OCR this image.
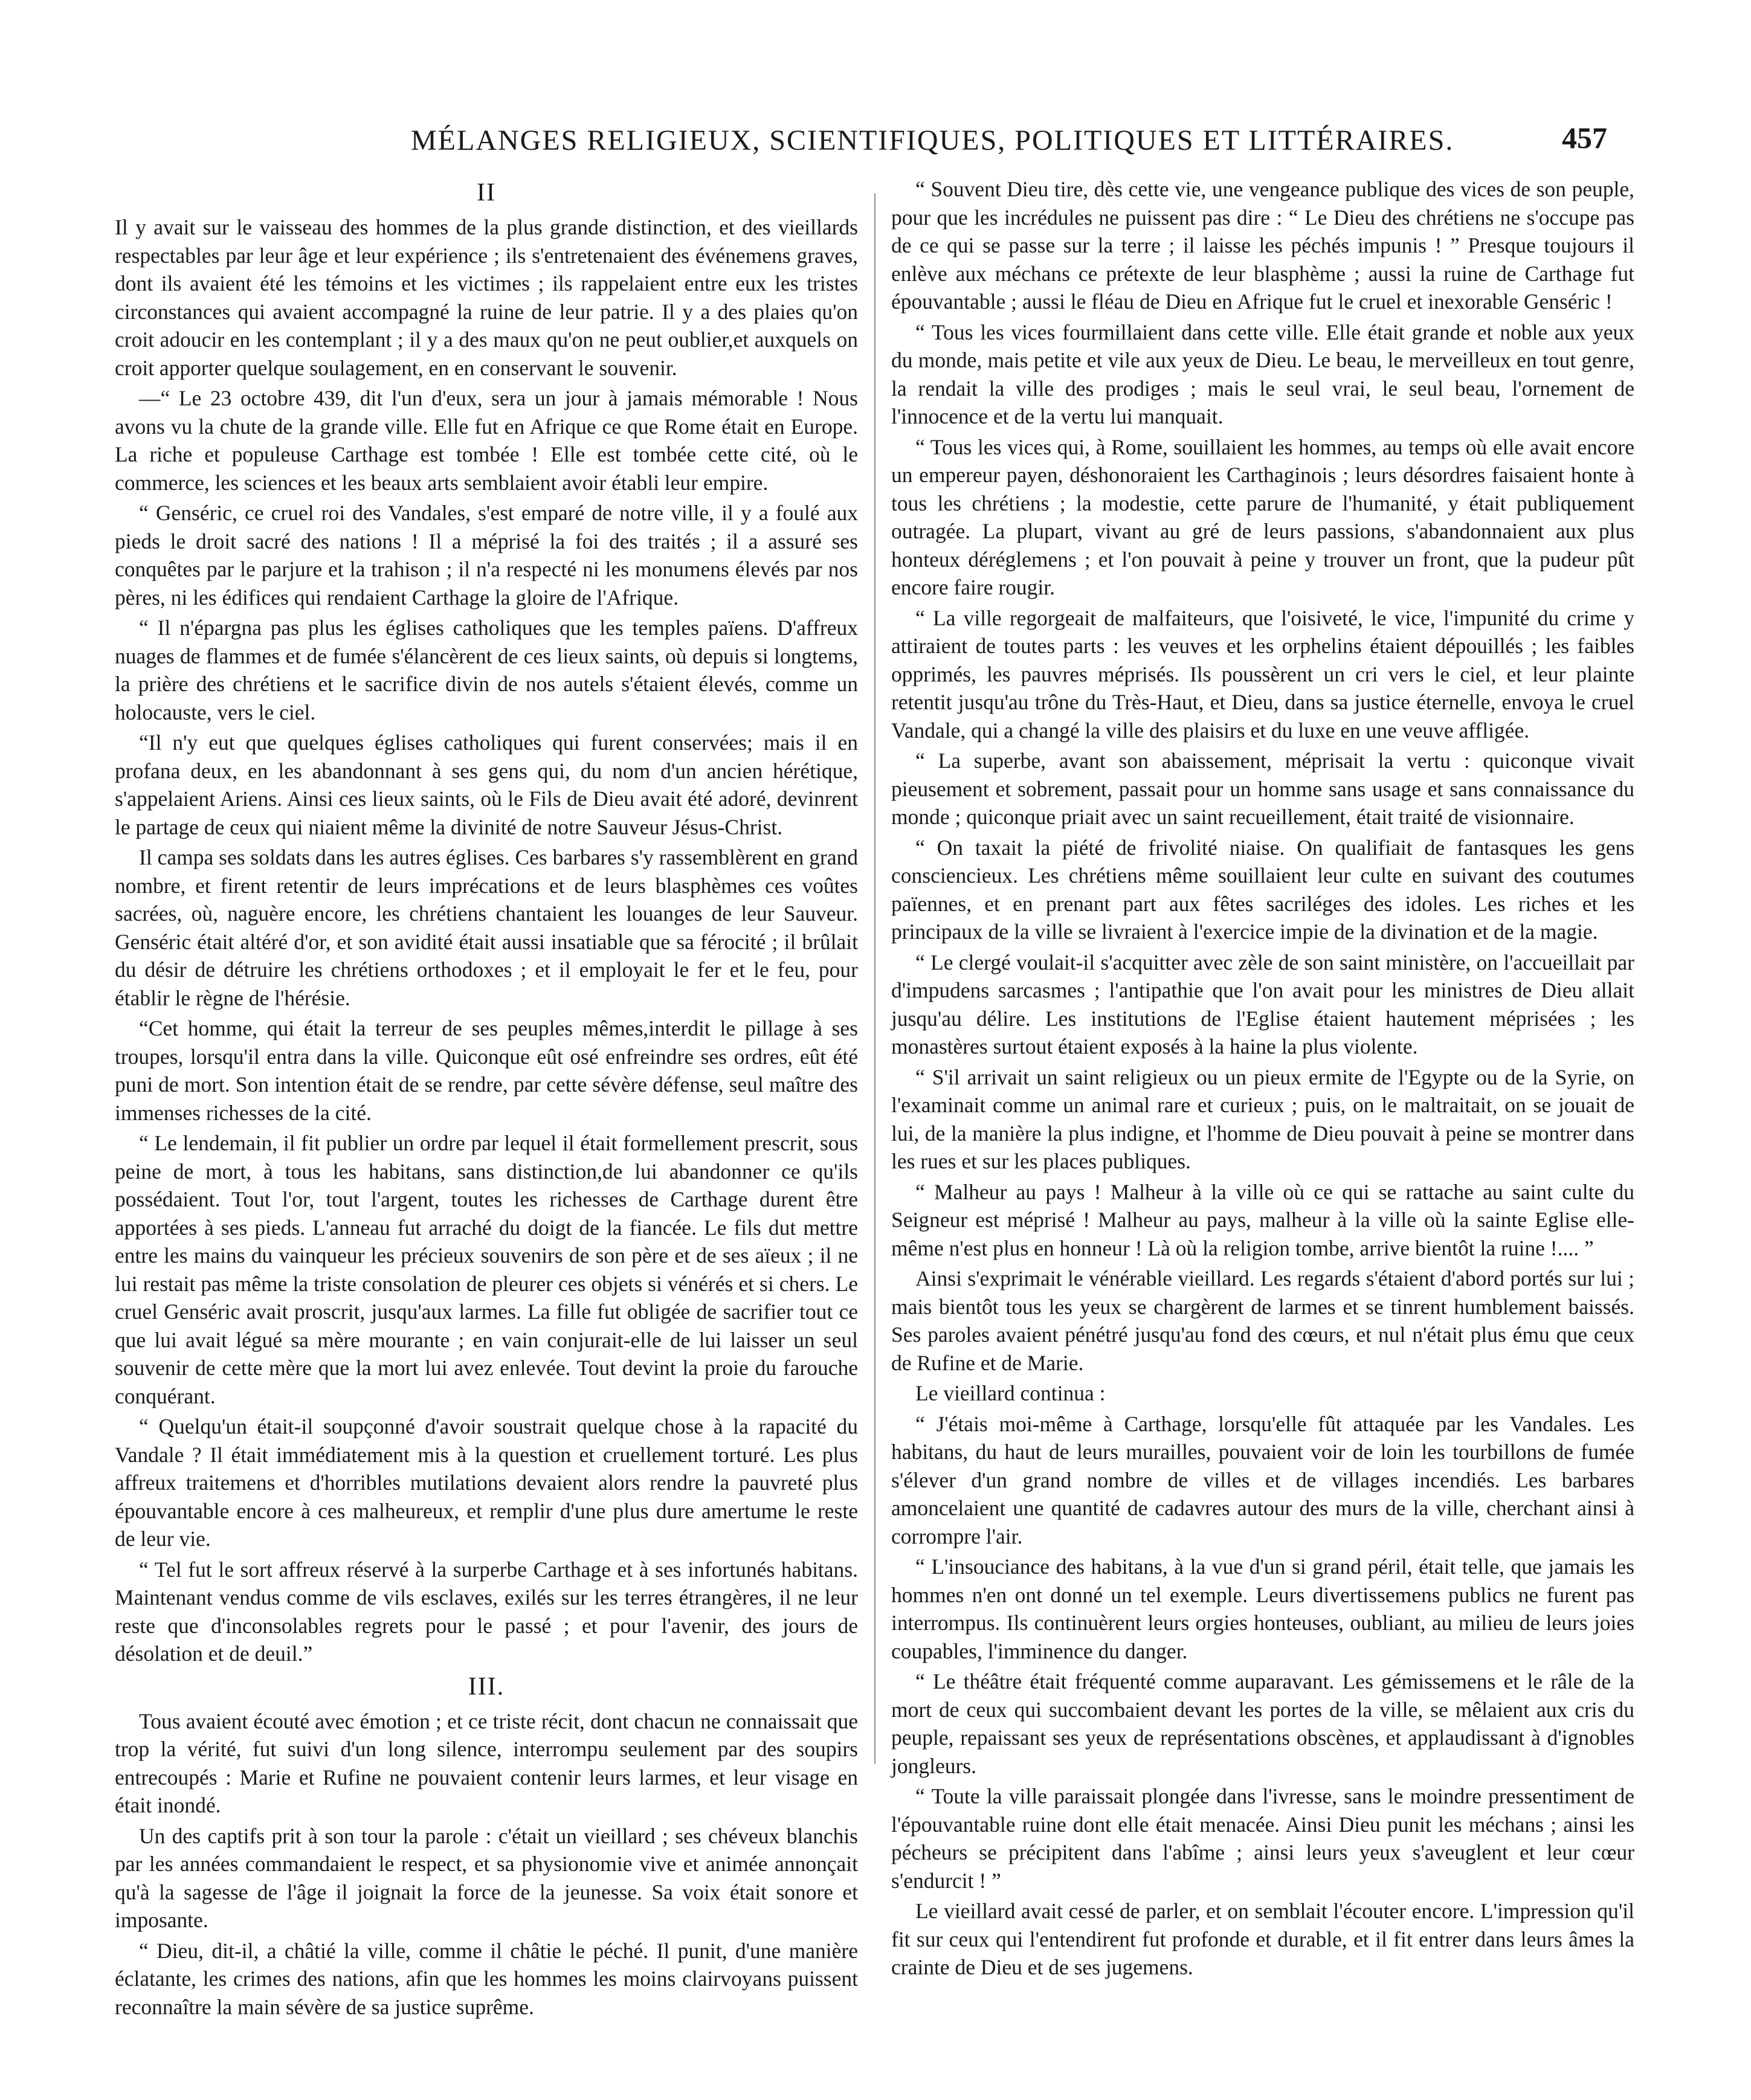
MÉLANGES RELIGIEUX, SCIENTIFIQUES, POLITIQUES ET LITTÉRAIRES.	457
II

Il y avait sur le vaisseau des hommes de la plus grande distinction, et des vieillards respectables par leur âge et leur expérience ; ils s'entretenaient des événemens graves, dont ils avaient été les témoins et les victimes ; ils rappelaient entre eux les tristes circonstances qui avaient accompagné la ruine de leur patrie. Il y a des plaies qu'on croit adoucir en les contemplant ; il y a des maux qu'on ne peut oublier,et auxquels on croit apporter quelque soulagement, en en conservant le souvenir.

—“ Le 23 octobre 439, dit l'un d'eux, sera un jour à jamais mémorable ! Nous avons vu la chute de la grande ville. Elle fut en Afrique ce que Rome était en Europe. La riche et populeuse Carthage est tombée ! Elle est tombée cette cité, où le commerce, les sciences et les beaux arts semblaient avoir établi leur empire.

“ Genséric, ce cruel roi des Vandales, s'est emparé de notre ville, il y a foulé aux pieds le droit sacré des nations ! Il a méprisé la foi des traités ; il a assuré ses conquêtes par le parjure et la trahison ; il n'a respecté ni les monumens élevés par nos pères, ni les édifices qui rendaient Carthage la gloire de l'Afrique.

“ Il n'épargna pas plus les églises catholiques que les temples païens. D'affreux nuages de flammes et de fumée s'élancèrent de ces lieux saints, où depuis si longtems, la prière des chrétiens et le sacrifice divin de nos autels s'étaient élevés, comme un holocauste, vers le ciel.

“Il n'y eut que quelques églises catholiques qui furent conservées; mais il en profana deux, en les abandonnant à ses gens qui, du nom d'un ancien hérétique, s'appelaient Ariens. Ainsi ces lieux saints, où le Fils de Dieu avait été adoré, devinrent le partage de ceux qui niaient même la divinité de notre Sauveur Jésus-Christ.

Il campa ses soldats dans les autres églises. Ces barbares s'y rassemblèrent en grand nombre, et firent retentir de leurs imprécations et de leurs blasphèmes ces voûtes sacrées, où, naguère encore, les chrétiens chantaient les louanges de leur Sauveur. Genséric était altéré d'or, et son avidité était aussi insatiable que sa férocité ; il brûlait du désir de détruire les chrétiens orthodoxes ; et il employait le fer et le feu, pour établir le règne de l'hérésie.

“Cet homme, qui était la terreur de ses peuples mêmes,interdit le pillage à ses troupes, lorsqu'il entra dans la ville. Quiconque eût osé enfreindre ses ordres, eût été puni de mort. Son intention était de se rendre, par cette sévère défense, seul maître des immenses richesses de la cité.

“ Le lendemain, il fit publier un ordre par lequel il était formellement prescrit, sous peine de mort, à tous les habitans, sans distinction,de lui abandonner ce qu'ils possédaient. Tout l'or, tout l'argent, toutes les richesses de Carthage durent être apportées à ses pieds. L'anneau fut arraché du doigt de la fiancée. Le fils dut mettre entre les mains du vainqueur les précieux souvenirs de son père et de ses aïeux ; il ne lui restait pas même la triste consolation de pleurer ces objets si vénérés et si chers. Le cruel Genséric avait proscrit, jusqu'aux larmes. La fille fut obligée de sacrifier tout ce que lui avait légué sa mère mourante ; en vain conjurait-elle de lui laisser un seul souvenir de cette mère que la mort lui avez enlevée. Tout devint la proie du farouche conquérant.

“ Quelqu'un était-il soupçonné d'avoir soustrait quelque chose à la rapacité du Vandale ? Il était immédiatement mis à la question et cruellement torturé. Les plus affreux traitemens et d'horribles mutilations devaient alors rendre la pauvreté plus épouvantable encore à ces malheureux, et remplir d'une plus dure amertume le reste de leur vie.

“ Tel fut le sort affreux réservé à la surperbe Carthage et à ses infortunés habitans. Maintenant vendus comme de vils esclaves, exilés sur les terres étrangères, il ne leur reste que d'inconsolables regrets pour le passé ; et pour l'avenir, des jours de désolation et de deuil.”

III.

Tous avaient écouté avec émotion ; et ce triste récit, dont chacun ne connaissait que trop la vérité, fut suivi d'un long silence, interrompu seulement par des soupirs entrecoupés : Marie et Rufine ne pouvaient contenir leurs larmes, et leur visage en était inondé.

Un des captifs prit à son tour la parole : c'était un vieillard ; ses chéveux blanchis par les années commandaient le respect, et sa physionomie vive et animée annonçait qu'à la sagesse de l'âge il joignait la force de la jeunesse. Sa voix était sonore et imposante.

“ Dieu, dit-il, a châtié la ville, comme il châtie le péché. Il punit, d'une manière éclatante, les crimes des nations, afin que les hommes les moins clairvoyans puissent reconnaître la main sévère de sa justice suprême.

“ Souvent Dieu tire, dès cette vie, une vengeance publique des vices de son peuple, pour que les incrédules ne puissent pas dire : “ Le Dieu des chrétiens ne s'occupe pas de ce qui se passe sur la terre ; il laisse les péchés impunis ! ” Presque toujours il enlève aux méchans ce prétexte de leur blasphème ; aussi la ruine de Carthage fut épouvantable ; aussi le fléau de Dieu en Afrique fut le cruel et inexorable Genséric !

“ Tous les vices fourmillaient dans cette ville. Elle était grande et noble aux yeux du monde, mais petite et vile aux yeux de Dieu. Le beau, le merveilleux en tout genre, la rendait la ville des prodiges ; mais le seul vrai, le seul beau, l'ornement de l'innocence et de la vertu lui manquait.

“ Tous les vices qui, à Rome, souillaient les hommes, au temps où elle avait encore un empereur payen, déshonoraient les Carthaginois ; leurs désordres faisaient honte à tous les chrétiens ; la modestie, cette parure de l'humanité, y était publiquement outragée. La plupart, vivant au gré de leurs passions, s'abandonnaient aux plus honteux déréglemens ; et l'on pouvait à peine y trouver un front, que la pudeur pût encore faire rougir.

“ La ville regorgeait de malfaiteurs, que l'oisiveté, le vice, l'impunité du crime y attiraient de toutes parts : les veuves et les orphelins étaient dépouillés ; les faibles opprimés, les pauvres méprisés. Ils poussèrent un cri vers le ciel, et leur plainte retentit jusqu'au trône du Très-Haut, et Dieu, dans sa justice éternelle, envoya le cruel Vandale, qui a changé la ville des plaisirs et du luxe en une veuve affligée.

“ La superbe, avant son abaissement, méprisait la vertu : quiconque vivait pieusement et sobrement, passait pour un homme sans usage et sans connaissance du monde ; quiconque priait avec un saint recueillement, était traité de visionnaire.

“ On taxait la piété de frivolité niaise. On qualifiait de fantasques les gens consciencieux. Les chrétiens même souillaient leur culte en suivant des coutumes païennes, et en prenant part aux fêtes sacriléges des idoles. Les riches et les principaux de la ville se livraient à l'exercice impie de la divination et de la magie.

“ Le clergé voulait-il s'acquitter avec zèle de son saint ministère, on l'accueillait par d'impudens sarcasmes ; l'antipathie que l'on avait pour les ministres de Dieu allait jusqu'au délire. Les institutions de l'Eglise étaient hautement méprisées ; les monastères surtout étaient exposés à la haine la plus violente.

“ S'il arrivait un saint religieux ou un pieux ermite de l'Egypte ou de la Syrie, on l'examinait comme un animal rare et curieux ; puis, on le maltraitait, on se jouait de lui, de la manière la plus indigne, et l'homme de Dieu pouvait à peine se montrer dans les rues et sur les places publiques.

“ Malheur au pays ! Malheur à la ville où ce qui se rattache au saint culte du Seigneur est méprisé ! Malheur au pays, malheur à la ville où la sainte Eglise elle-même n'est plus en honneur ! Là où la religion tombe, arrive bientôt la ruine !.... ”

Ainsi s'exprimait le vénérable vieillard. Les regards s'étaient d'abord portés sur lui ; mais bientôt tous les yeux se chargèrent de larmes et se tinrent humblement baissés. Ses paroles avaient pénétré jusqu'au fond des cœurs, et nul n'était plus ému que ceux de Rufine et de Marie.

Le vieillard continua :

“ J'étais moi-même à Carthage, lorsqu'elle fût attaquée par les Vandales. Les habitans, du haut de leurs murailles, pouvaient voir de loin les tourbillons de fumée s'élever d'un grand nombre de villes et de villages incendiés. Les barbares amoncelaient une quantité de cadavres autour des murs de la ville, cherchant ainsi à corrompre l'air.

“ L'insouciance des habitans, à la vue d'un si grand péril, était telle, que jamais les hommes n'en ont donné un tel exemple. Leurs divertissemens publics ne furent pas interrompus. Ils continuèrent leurs orgies honteuses, oubliant, au milieu de leurs joies coupables, l'imminence du danger.

“ Le théâtre était fréquenté comme auparavant. Les gémissemens et le râle de la mort de ceux qui succombaient devant les portes de la ville, se mêlaient aux cris du peuple, repaissant ses yeux de représentations obscènes, et applaudissant à d'ignobles jongleurs.

“ Toute la ville paraissait plongée dans l'ivresse, sans le moindre pressentiment de l'épouvantable ruine dont elle était menacée. Ainsi Dieu punit les méchans ; ainsi les pécheurs se précipitent dans l'abîme ; ainsi leurs yeux s'aveuglent et leur cœur s'endurcit ! ”

Le vieillard avait cessé de parler, et on semblait l'écouter encore. L'impression qu'il fit sur ceux qui l'entendirent fut profonde et durable, et il fit entrer dans leurs âmes la crainte de Dieu et de ses jugemens.
